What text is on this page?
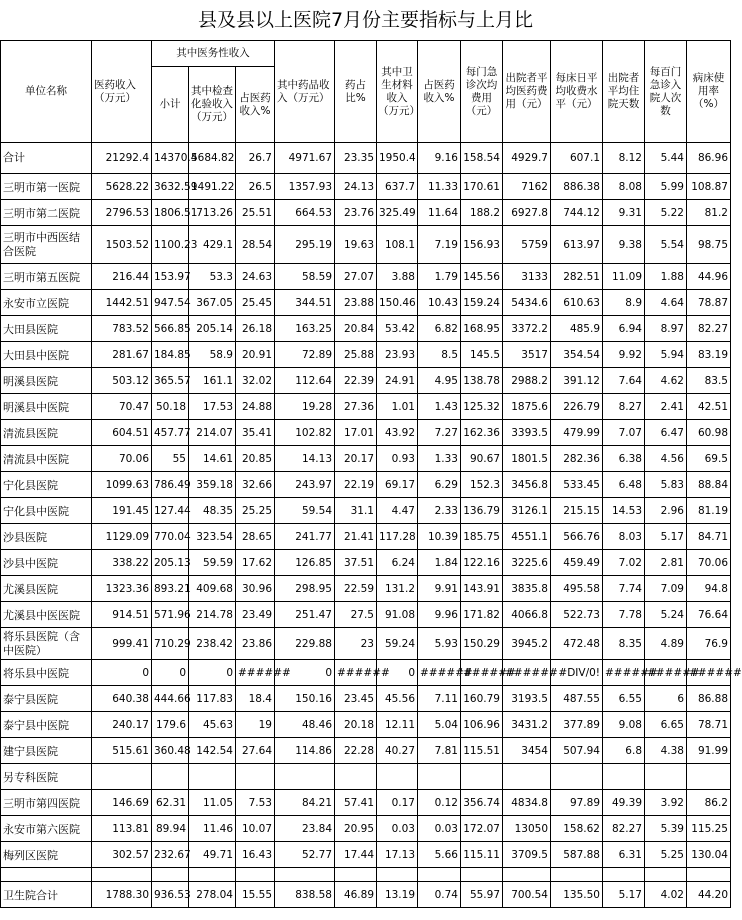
县及县以上医院7月份主要指标与上月比
单位名称	医药收入（万元）	其中医务性收入			其中药品收入（万元）	药占比%	其中卫生材料收入（万元）	占医药收入%	每门急诊次均费用（元）	出院者平均医药费用（元）	每床日平均收费水平（元）	出院者平均住院天数	每百门急诊入院人次数	病床使用率（%）
		小计	其中检查化验收入（万元）	占医药收入%										
合计	21292.4	14370.4	5684.82	26.7	4971.67	23.35	1950.4	9.16	158.54	4929.7	607.1	8.12	5.44	86.96
三明市第一医院	5628.22	3632.59	1491.22	26.5	1357.93	24.13	637.7	11.33	170.61	7162	886.38	8.08	5.99	108.87
三明市第二医院	2796.53	1806.51	713.26	25.51	664.53	23.76	325.49	11.64	188.2	6927.8	744.12	9.31	5.22	81.2
三明市中西医结合医院	1503.52	1100.23	429.1	28.54	295.19	19.63	108.1	7.19	156.93	5759	613.97	9.38	5.54	98.75
三明市第五医院	216.44	153.97	53.3	24.63	58.59	27.07	3.88	1.79	145.56	3133	282.51	11.09	1.88	44.96
永安市立医院	1442.51	947.54	367.05	25.45	344.51	23.88	150.46	10.43	159.24	5434.6	610.63	8.9	4.64	78.87
大田县医院	783.52	566.85	205.14	26.18	163.25	20.84	53.42	6.82	168.95	3372.2	485.9	6.94	8.97	82.27
大田县中医院	281.67	184.85	58.9	20.91	72.89	25.88	23.93	8.5	145.5	3517	354.54	9.92	5.94	83.19
明溪县医院	503.12	365.57	161.1	32.02	112.64	22.39	24.91	4.95	138.78	2988.2	391.12	7.64	4.62	83.5
明溪县中医院	70.47	50.18	17.53	24.88	19.28	27.36	1.01	1.43	125.32	1875.6	226.79	8.27	2.41	42.51
清流县医院	604.51	457.77	214.07	35.41	102.82	17.01	43.92	7.27	162.36	3393.5	479.99	7.07	6.47	60.98
清流县中医院	70.06	55	14.61	20.85	14.13	20.17	0.93	1.33	90.67	1801.5	282.36	6.38	4.56	69.5
宁化县医院	1099.63	786.49	359.18	32.66	243.97	22.19	69.17	6.29	152.3	3456.8	533.45	6.48	5.83	88.84
宁化县中医院	191.45	127.44	48.35	25.25	59.54	31.1	4.47	2.33	136.79	3126.1	215.15	14.53	2.96	81.19
沙县医院	1129.09	770.04	323.54	28.65	241.77	21.41	117.28	10.39	185.75	4551.1	566.76	8.03	5.17	84.71
沙县中医院	338.22	205.13	59.59	17.62	126.85	37.51	6.24	1.84	122.16	3225.6	459.49	7.02	2.81	70.06
尤溪县医院	1323.36	893.21	409.68	30.96	298.95	22.59	131.2	9.91	143.91	3835.8	495.58	7.74	7.09	94.8
尤溪县中医医院	914.51	571.96	214.78	23.49	251.47	27.5	91.08	9.96	171.82	4066.8	522.73	7.78	5.24	76.64
将乐县医院（含中医院）	999.41	710.29	238.42	23.86	229.88	23	59.24	5.93	150.29	3945.2	472.48	8.35	4.89	76.9
将乐县中医院	0	0	0	######	0	######	0	######	######	######	#DIV/0!	######	######	######
泰宁县医院	640.38	444.66	117.83	18.4	150.16	23.45	45.56	7.11	160.79	3193.5	487.55	6.55	6	86.88
泰宁县中医院	240.17	179.6	45.63	19	48.46	20.18	12.11	5.04	106.96	3431.2	377.89	9.08	6.65	78.71
建宁县医院	515.61	360.48	142.54	27.64	114.86	22.28	40.27	7.81	115.51	3454	507.94	6.8	4.38	91.99
另专科医院														
三明市第四医院	146.69	62.31	11.05	7.53	84.21	57.41	0.17	0.12	356.74	4834.8	97.89	49.39	3.92	86.2
永安市第六医院	113.81	89.94	11.46	10.07	23.84	20.95	0.03	0.03	172.07	13050	158.62	82.27	5.39	115.25
梅列区医院	302.57	232.67	49.71	16.43	52.77	17.44	17.13	5.66	115.11	3709.5	587.88	6.31	5.25	130.04

卫生院合计	1788.30	936.53	278.04	15.55	838.58	46.89	13.19	0.74	55.97	700.54	135.50	5.17	4.02	44.20
